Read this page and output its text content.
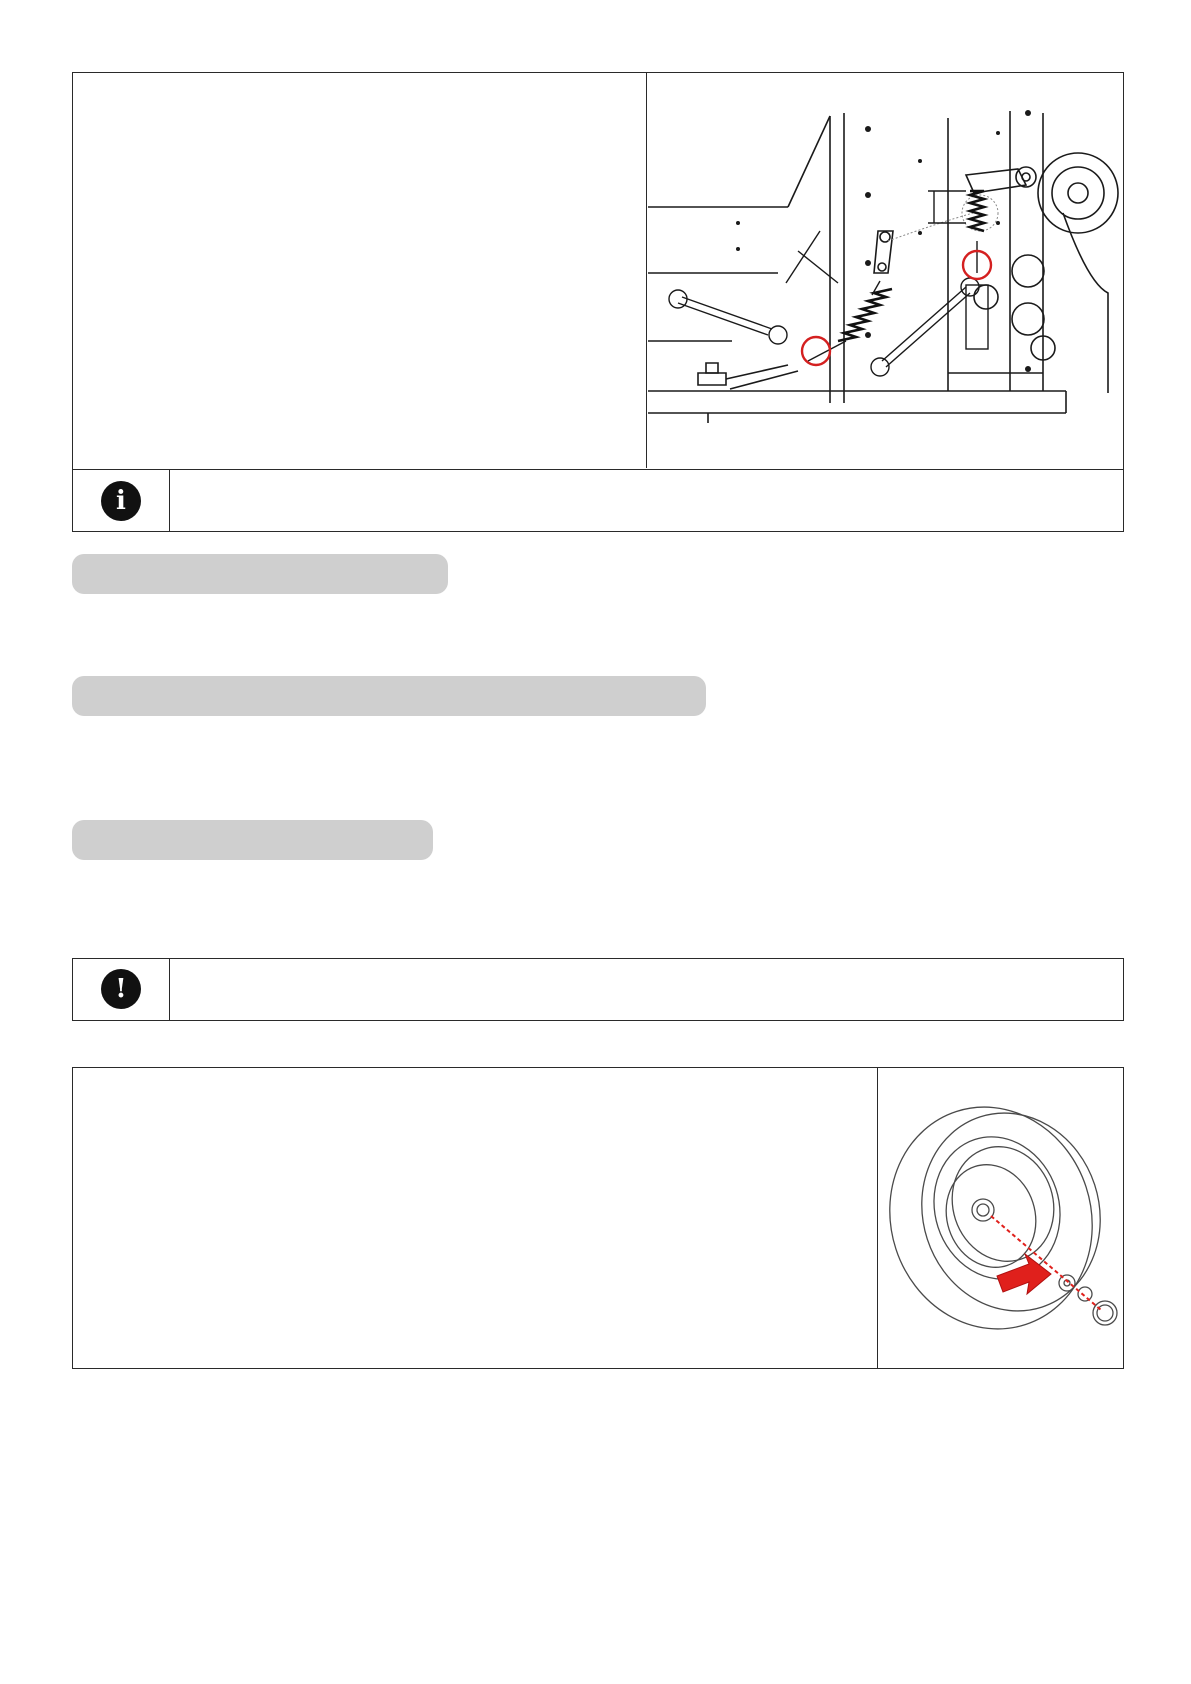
i
!
